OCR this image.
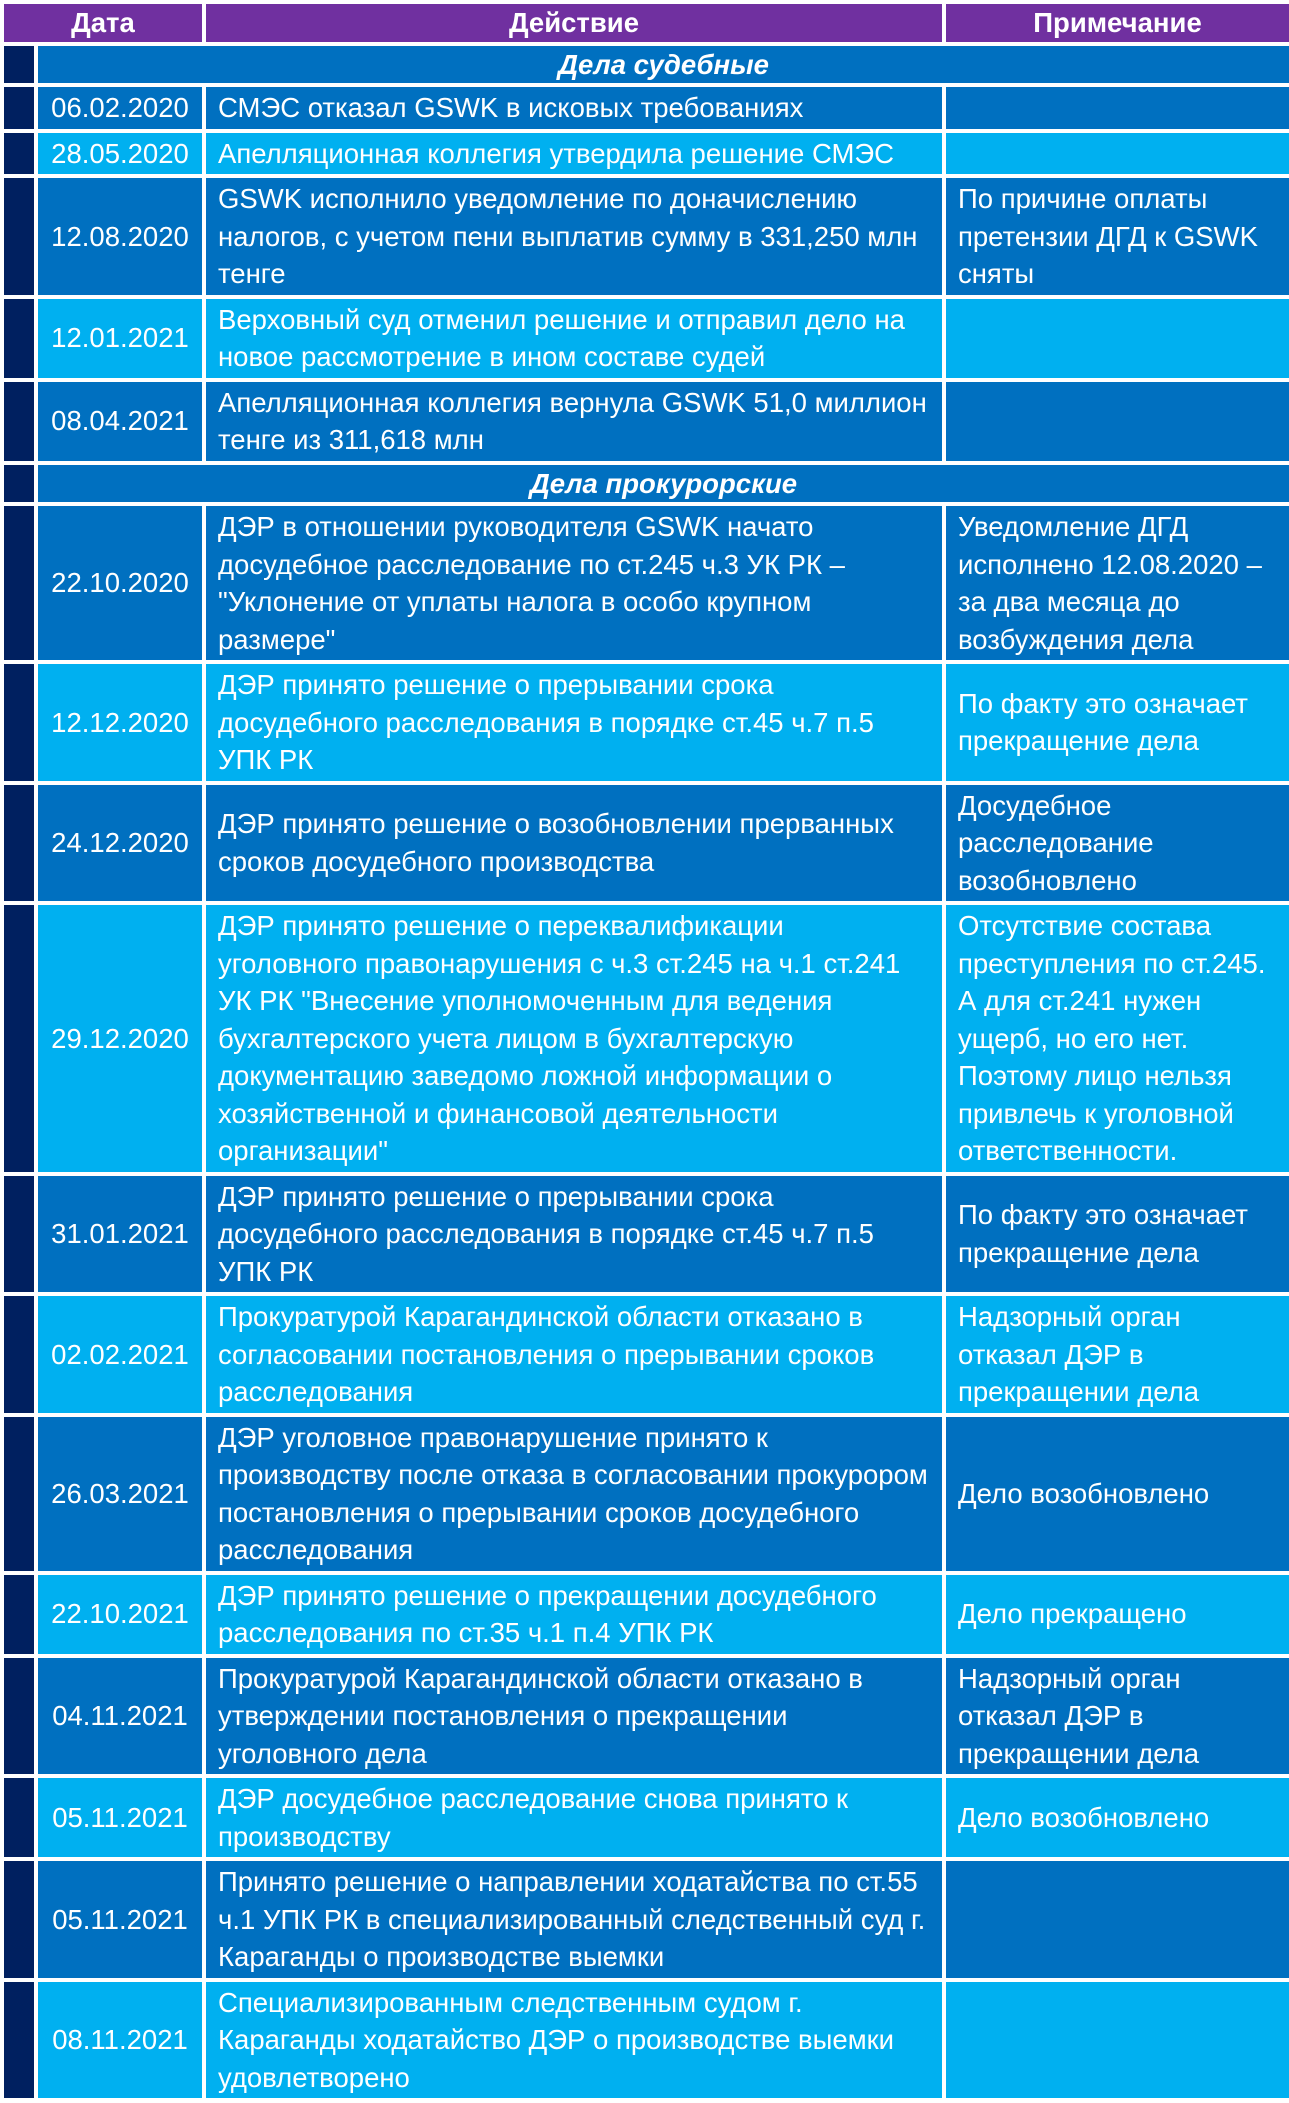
Дата		Действие	Примечание
	Дела судебные		
	06.02.2020	СМЭС отказал GSWK в исковых требованиях	
	28.05.2020	Апелляционная коллегия утвердила решение СМЭС	
	12.08.2020	GSWK исполнило уведомление по доначислению налогов, с учетом пени выплатив сумму в 331,250 млн тенге	По причине оплаты претензии ДГД к GSWK сняты
	12.01.2021	Верховный суд отменил решение и отправил дело на новое рассмотрение в ином составе судей	
	08.04.2021	Апелляционная коллегия вернула GSWK 51,0 миллион тенге из 311,618 млн	
	Дела прокурорские		
	22.10.2020	ДЭР в отношении руководителя GSWK начато досудебное расследование по ст.245 ч.3 УК РК – "Уклонение от уплаты налога в особо крупном размере"	Уведомление ДГД исполнено 12.08.2020 – за два месяца до возбуждения дела
	12.12.2020	ДЭР принято решение о прерывании срока досудебного расследования в порядке ст.45 ч.7 п.5 УПК РК	По факту это означает прекращение дела
	24.12.2020	ДЭР принято решение о возобновлении прерванных сроков досудебного производства	Досудебное расследование возобновлено
	29.12.2020	ДЭР принято решение о переквалификации уголовного правонарушения с ч.3 ст.245 на ч.1 ст.241 УК РК "Внесение уполномоченным для ведения бухгалтерского учета лицом в бухгалтерскую документацию заведомо ложной информации о хозяйственной и финансовой деятельности организации"	Отсутствие состава преступления по ст.245. А для ст.241 нужен ущерб, но его нет. Поэтому лицо нельзя привлечь к уголовной ответственности.
	31.01.2021	ДЭР принято решение о прерывании срока досудебного расследования в порядке ст.45 ч.7 п.5 УПК РК	По факту это означает прекращение дела
	02.02.2021	Прокуратурой Карагандинской области отказано в согласовании постановления о прерывании сроков расследования	Надзорный орган отказал ДЭР в прекращении дела
	26.03.2021	ДЭР уголовное правонарушение принято к производству после отказа в согласовании прокурором постановления о прерывании сроков досудебного расследования	Дело возобновлено
	22.10.2021	ДЭР принято решение о прекращении досудебного расследования по ст.35 ч.1 п.4 УПК РК	Дело прекращено
	04.11.2021	Прокуратурой Карагандинской области отказано в утверждении постановления о прекращении уголовного дела	Надзорный орган отказал ДЭР в прекращении дела
	05.11.2021	ДЭР досудебное расследование снова принято к производству	Дело возобновлено
	05.11.2021	Принято решение о направлении ходатайства по ст.55 ч.1 УПК РК в специализированный следственный суд г. Караганды о производстве выемки	
	08.11.2021	Специализированным следственным судом г. Караганды ходатайство ДЭР о производстве выемки удовлетворено	
